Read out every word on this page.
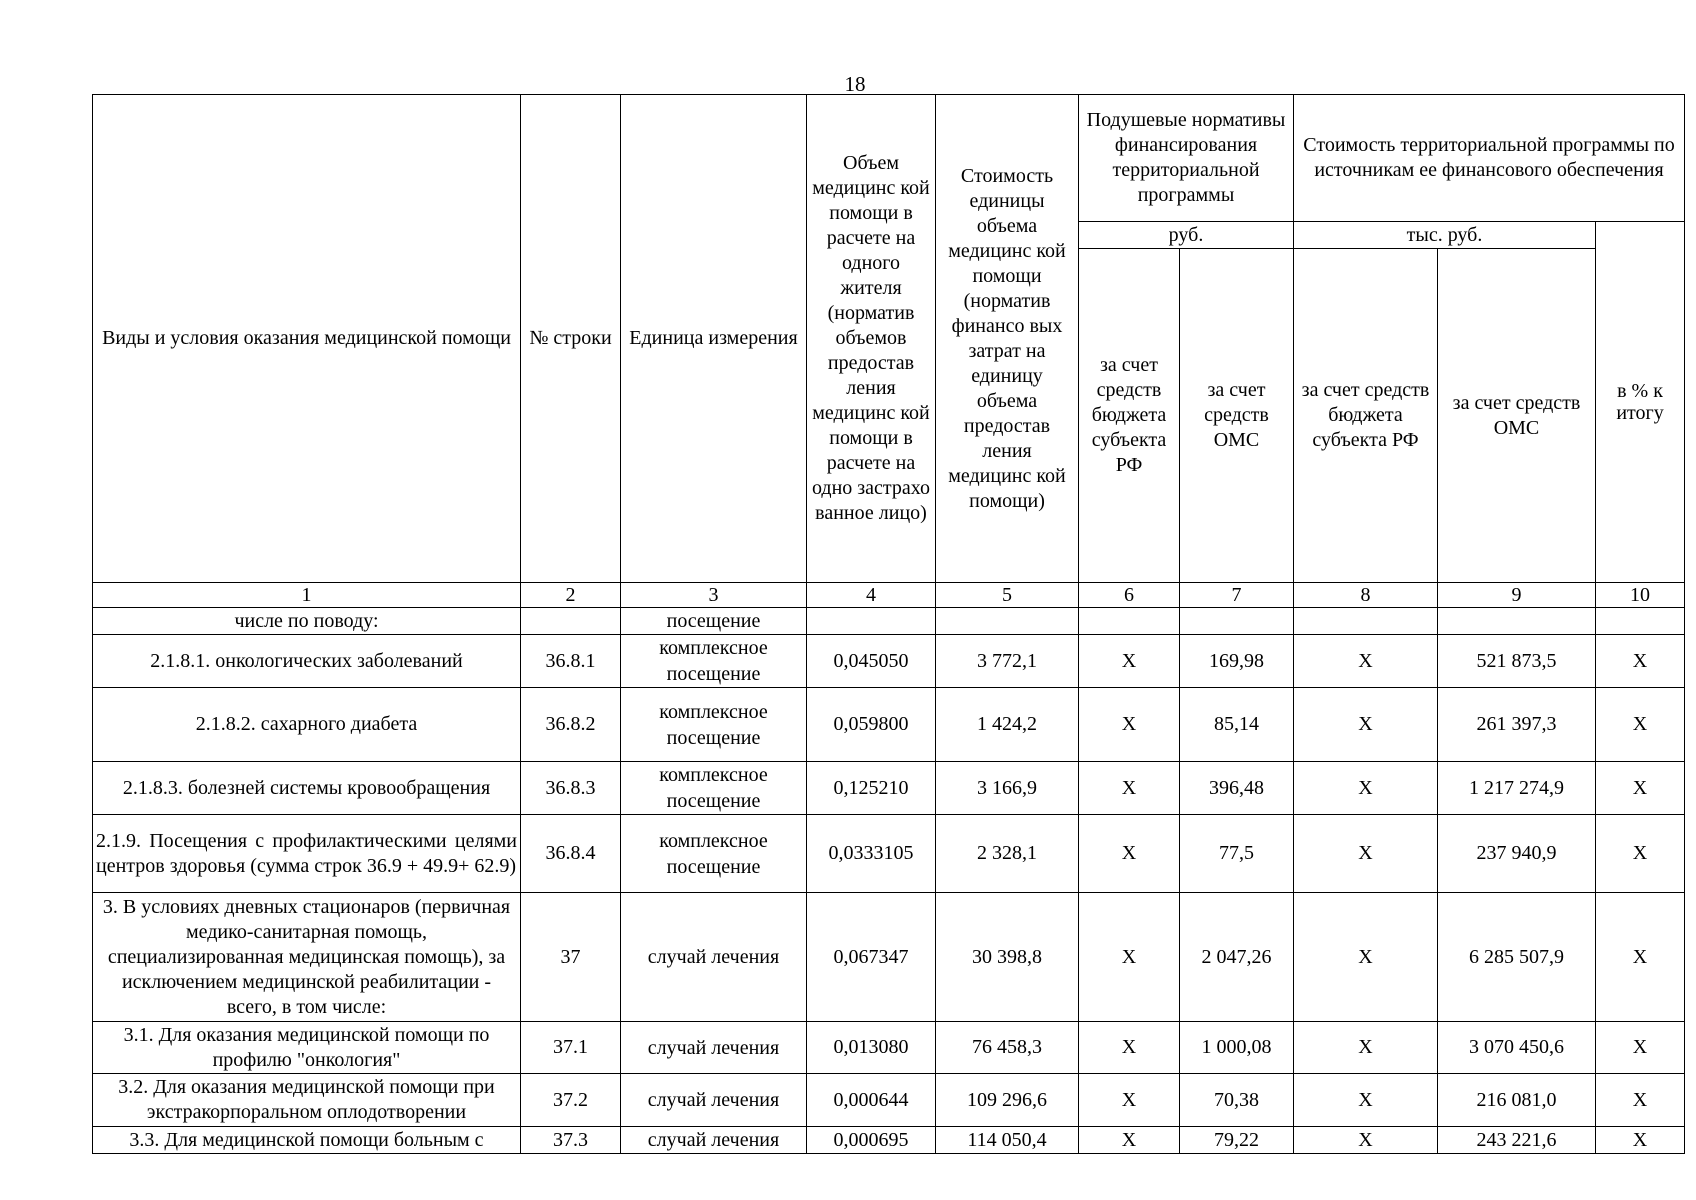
18
Виды и условия оказания медицинской помощи	№ строки	Единица измерения	Объем медицинс кой помощи в расчете на одного жителя (норматив объемов предостав ления медицинс кой помощи в расчете на одно застрахо ванное лицо)	Стоимость единицы объема медицинс кой помощи (норматив финансо вых затрат на единицу объема предостав ления медицинс кой помощи)	Подушевые нормативы финансирования территориальной программы		Стоимость территориальной программы по источникам ее финансового обеспечения		
					руб.		тыс. руб.		в % к итогу
					за счет средств бюджета субъекта РФ	за счет средств ОМС	за счет средств бюджета субъекта РФ	за счет средств ОМС	
1	2	3	4	5	6	7	8	9	10
числе по поводу:		посещение							
2.1.8.1. онкологических заболеваний	36.8.1	комплексное посещение	0,045050	3 772,1	X	169,98	X	521 873,5	X
2.1.8.2. сахарного диабета	36.8.2	комплексное посещение	0,059800	1 424,2	X	85,14	X	261 397,3	X
2.1.8.3. болезней системы кровообращения	36.8.3	комплексное посещение	0,125210	3 166,9	X	396,48	X	1 217 274,9	X
2.1.9. Посещения с профилактическими целями центров здоровья (сумма строк 36.9 + 49.9+ 62.9)	36.8.4	комплексное посещение	0,0333105	2 328,1	X	77,5	X	237 940,9	X
3. В условиях дневных стационаров (первичная медико-санитарная помощь, специализированная медицинская помощь), за исключением медицинской реабилитации - всего, в том числе:	37	случай лечения	0,067347	30 398,8	X	2 047,26	X	6 285 507,9	X
3.1. Для оказания медицинской помощи по профилю "онкология"	37.1	случай лечения	0,013080	76 458,3	X	1 000,08	X	3 070 450,6	X
3.2. Для оказания медицинской помощи при экстракорпоральном оплодотворении	37.2	случай лечения	0,000644	109 296,6	X	70,38	X	216 081,0	X
3.3. Для медицинской помощи больным с	37.3	случай лечения	0,000695	114 050,4	X	79,22	X	243 221,6	X
